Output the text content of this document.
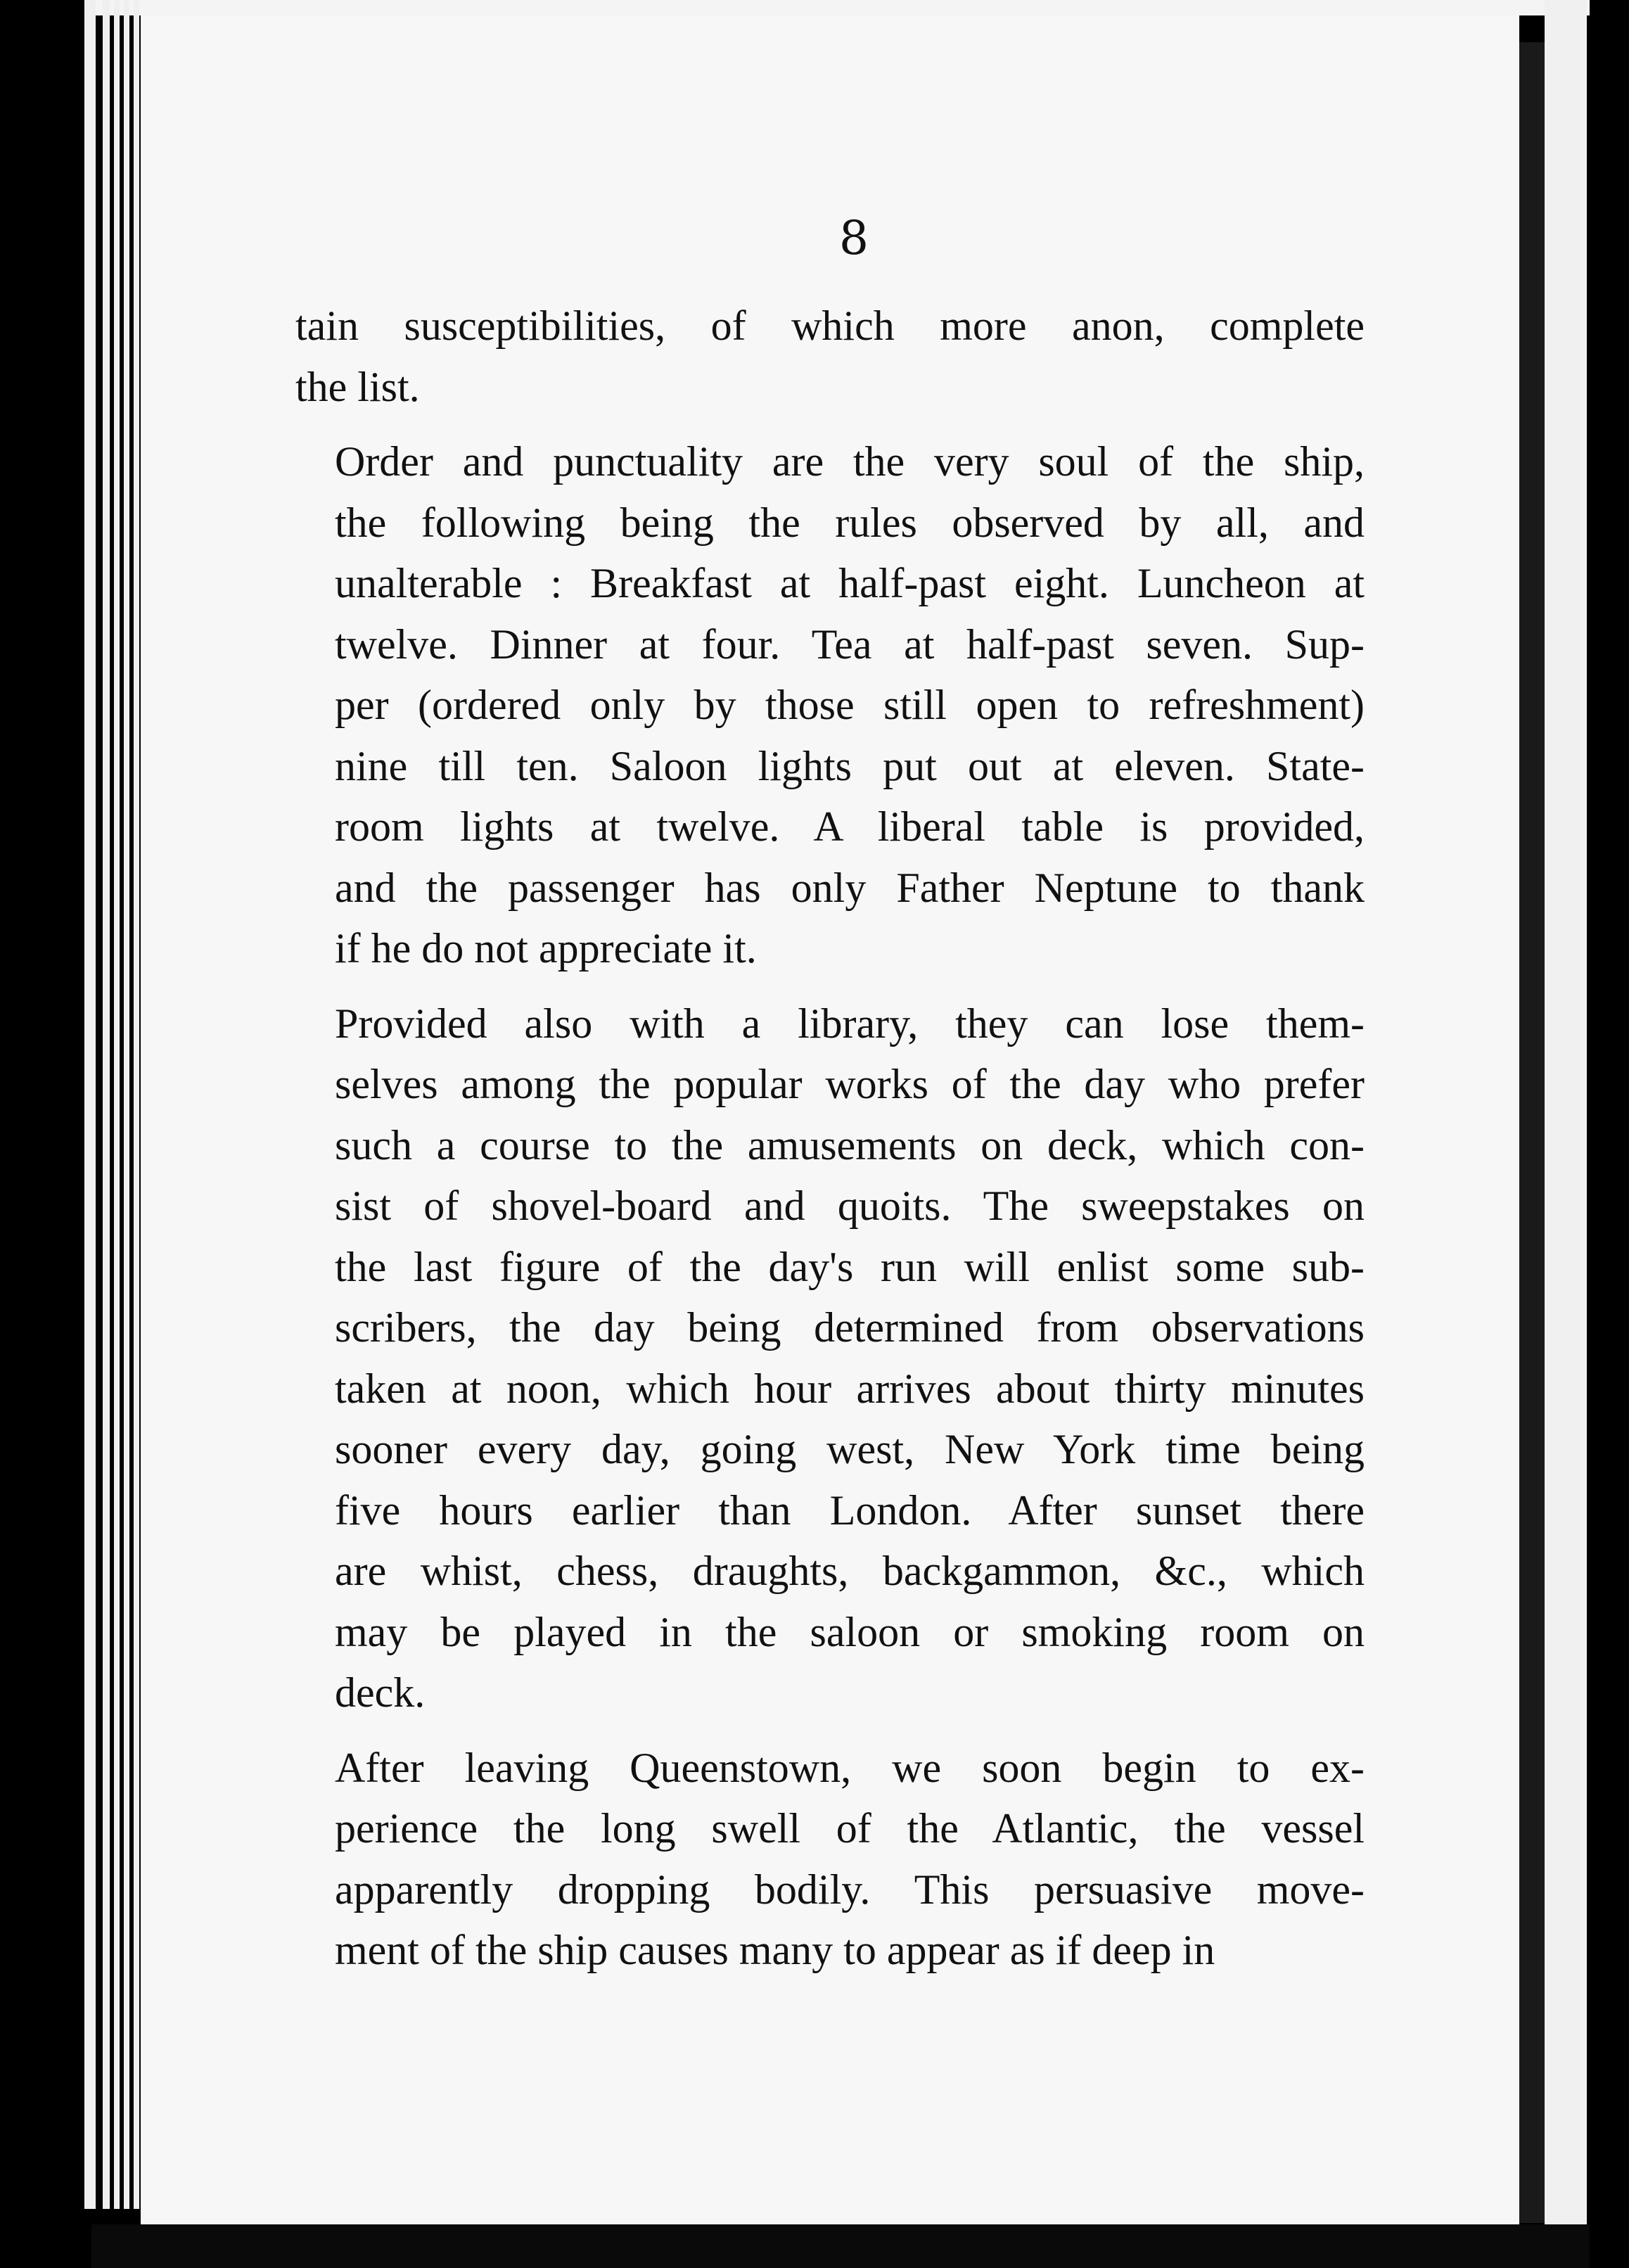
8
tain susceptibilities, of which more anon, complete
the list.
Order and punctuality are the very soul of the ship,
the following being the rules observed by all, and
unalterable : Breakfast at half-past eight. Luncheon at
twelve. Dinner at four. Tea at half-past seven. Sup-
per (ordered only by those still open to refreshment)
nine till ten. Saloon lights put out at eleven. State-
room lights at twelve. A liberal table is provided,
and the passenger has only Father Neptune to thank
if he do not appreciate it.
Provided also with a library, they can lose them-
selves among the popular works of the day who prefer
such a course to the amusements on deck, which con-
sist of shovel-board and quoits. The sweepstakes on
the last figure of the day's run will enlist some sub-
scribers, the day being determined from observations
taken at noon, which hour arrives about thirty minutes
sooner every day, going west, New York time being
five hours earlier than London. After sunset there
are whist, chess, draughts, backgammon, &c., which
may be played in the saloon or smoking room on
deck.
After leaving Queenstown, we soon begin to ex-
perience the long swell of the Atlantic, the vessel
apparently dropping bodily. This persuasive move-
ment of the ship causes many to appear as if deep in
